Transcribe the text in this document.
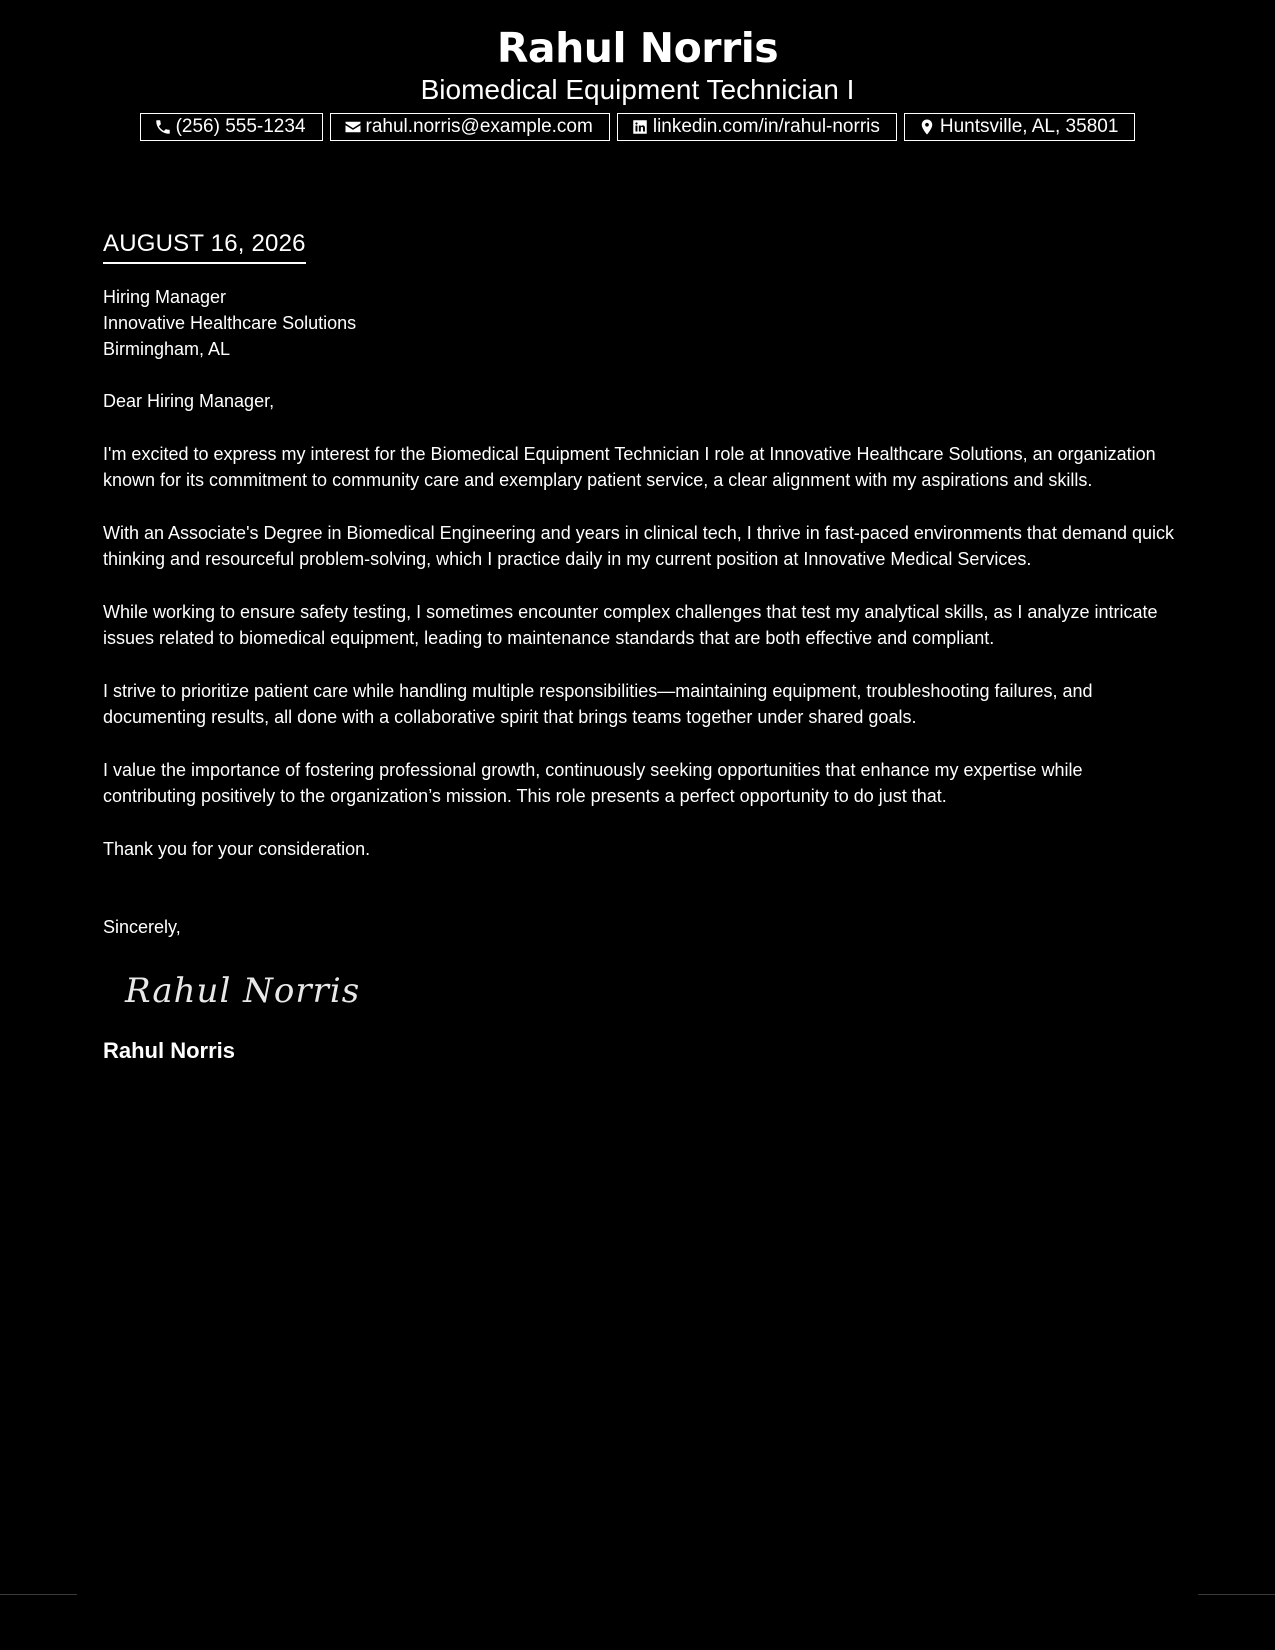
Rahul Norris
Biomedical Equipment Technician I
(256) 555-1234	rahul.norris@example.com	linkedin.com/in/rahul-norris	Huntsville, AL, 35801
AUGUST 16, 2026
Hiring Manager
Innovative Healthcare Solutions
Birmingham, AL
Dear Hiring Manager,
I'm excited to express my interest for the Biomedical Equipment Technician I role at Innovative Healthcare Solutions, an organization known for its commitment to community care and exemplary patient service, a clear alignment with my aspirations and skills.
With an Associate's Degree in Biomedical Engineering and years in clinical tech, I thrive in fast-paced environments that demand quick thinking and resourceful problem-solving, which I practice daily in my current position at Innovative Medical Services.
While working to ensure safety testing, I sometimes encounter complex challenges that test my analytical skills, as I analyze intricate issues related to biomedical equipment, leading to maintenance standards that are both effective and compliant.
I strive to prioritize patient care while handling multiple responsibilities—maintaining equipment, troubleshooting failures, and documenting results, all done with a collaborative spirit that brings teams together under shared goals.
I value the importance of fostering professional growth, continuously seeking opportunities that enhance my expertise while contributing positively to the organization’s mission. This role presents a perfect opportunity to do just that.
Thank you for your consideration.
Sincerely,
Rahul Norris
Rahul Norris
